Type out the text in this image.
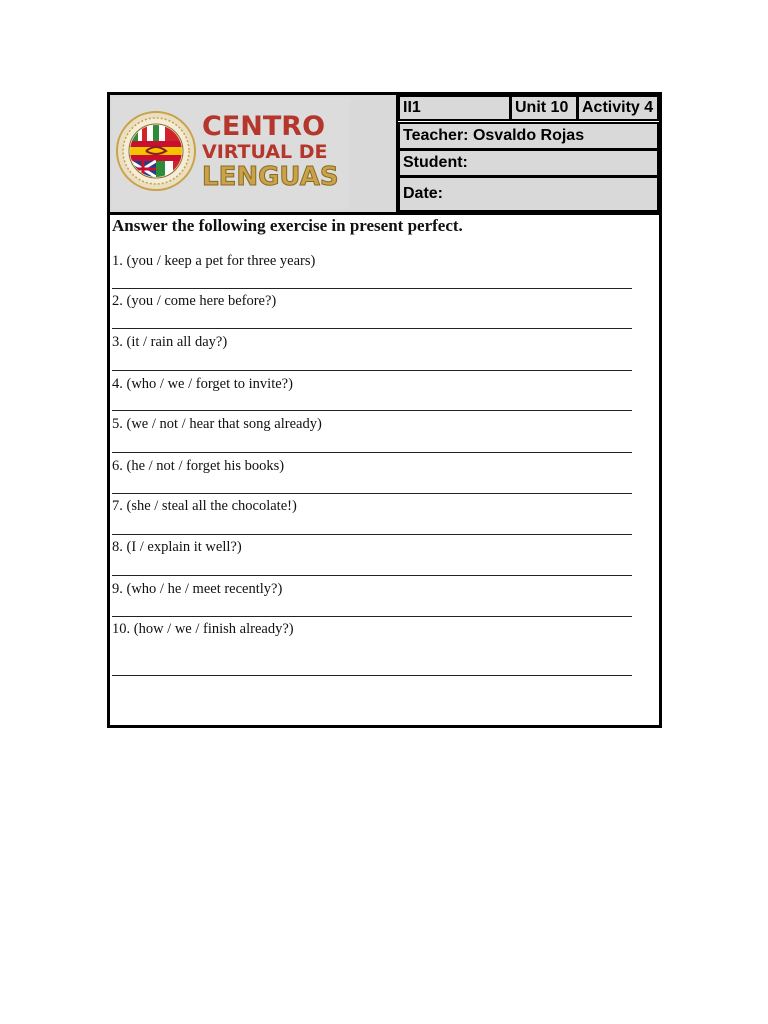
CENTRO
VIRTUAL DE
LENGUAS
II1	Unit 10 Activity 4
Teacher: Osvaldo Rojas
Student:
Date:
Answer the following exercise in present perfect.
1. (you / keep a pet for three years)
2. (you / come here before?)
3. (it / rain all day?)
4. (who / we / forget to invite?)
5. (we / not / hear that song already)
6. (he / not / forget his books)
7. (she / steal all the chocolate!)
8. (I / explain it well?)
9. (who / he / meet recently?)
10. (how / we / finish already?)
